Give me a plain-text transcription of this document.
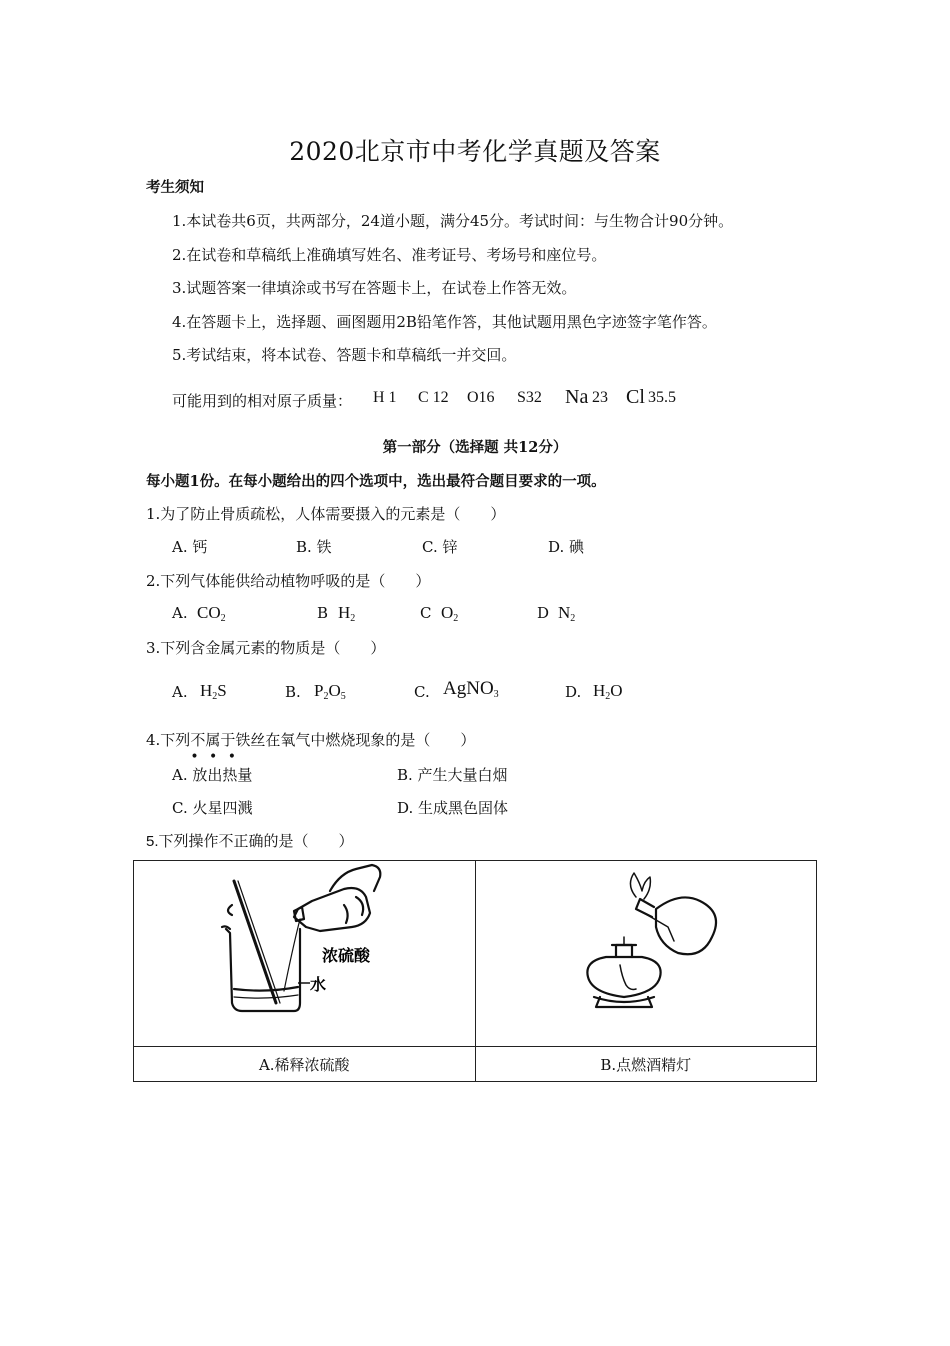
2020北京市中考化学真题及答案
考生须知
1.本试卷共6页，共两部分，24道小题，满分45分。考试时间：与生物合计90分钟。
2.在试卷和草稿纸上准确填写姓名、准考证号、考场号和座位号。
3.试题答案一律填涂或书写在答题卡上，在试卷上作答无效。
4.在答题卡上，选择题、画图题用2B铅笔作答，其他试题用黑色字迹签字笔作答。
5.考试结束，将本试卷、答题卡和草稿纸一并交回。
可能用到的相对原子质量： H 1 C 12 O16 S32 Na 23 Cl 35.5
第一部分（选择题 共12分）
每小题1份。在每小题给出的四个选项中，选出最符合题目要求的一项。
1.为了防止骨质疏松，人体需要摄入的元素是（　　）
A. 钙	B. 铁	C. 锌	D. 碘
2.下列气体能供给动植物呼吸的是（　　）
A. $CO_2$	B $H_2$	C $O_2$	D $N_2$
3.下列含金属元素的物质是（　　）
A. $H_2S$	B. $P_2O_5$	C. AgNO$_3$	D. $H_2O$
4.下列不属于
• • •
铁丝在氧气中燃烧现象的是（　　）
A. 放出热量	B. 产生大量白烟
C. 火星四溅	D. 生成黑色固体
5.下列操作不正确的是（　　）
浓硫酸
水

A.稀释浓硫酸	B.点燃酒精灯
